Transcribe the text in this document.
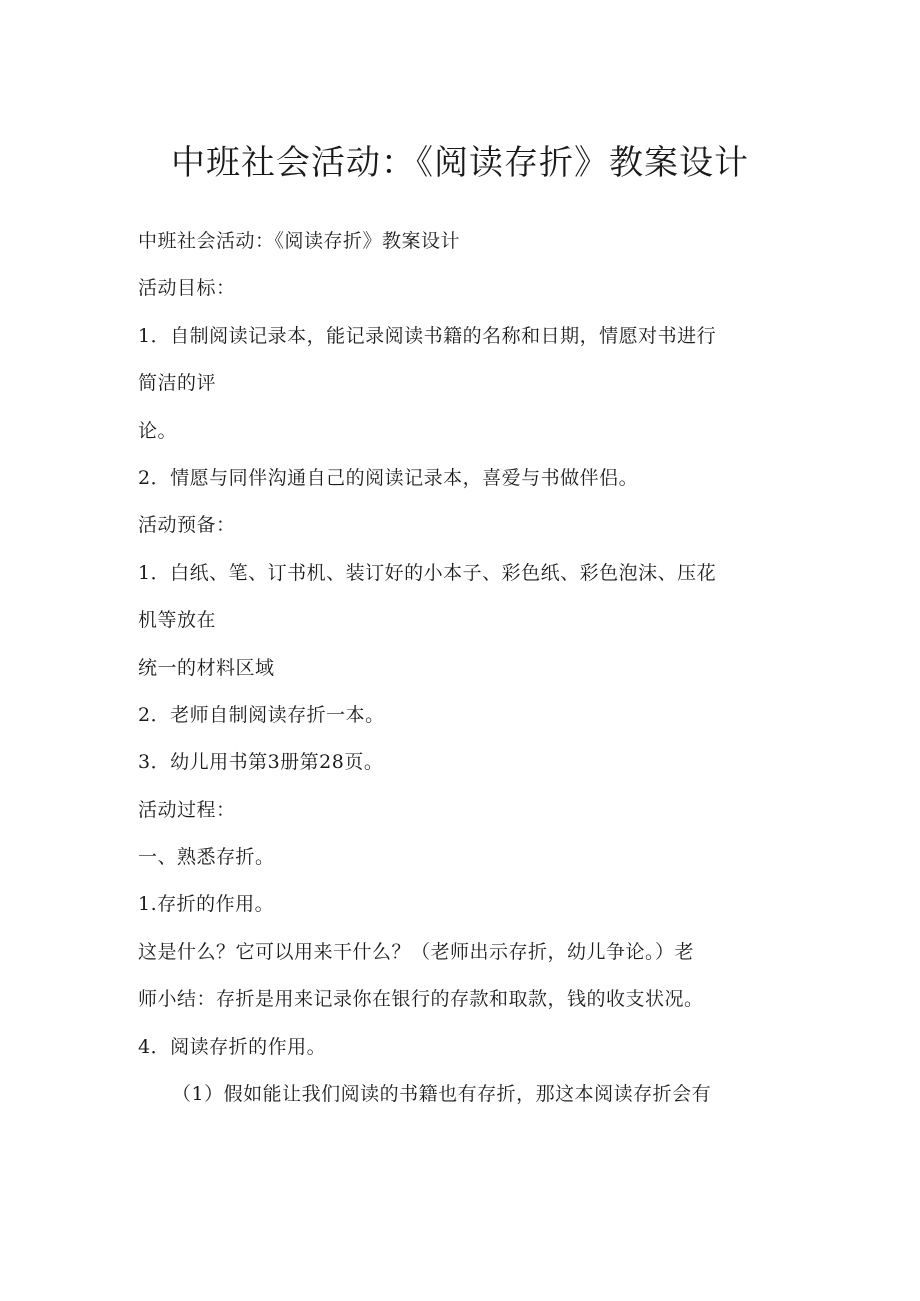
中班社会活动：《阅读存折》教案设计

中班社会活动：《阅读存折》教案设计

活动目标：

1．自制阅读记录本，能记录阅读书籍的名称和日期，情愿对书进行

简洁的评

论。

2．情愿与同伴沟通自己的阅读记录本，喜爱与书做伴侣。

活动预备：

1．白纸、笔、订书机、装订好的小本子、彩色纸、彩色泡沫、压花

机等放在

统一的材料区域

2．老师自制阅读存折一本。

3．幼儿用书第3册第28页。

活动过程：

一、熟悉存折。

1.存折的作用。

这是什么？它可以用来干什么？（老师出示存折，幼儿争论。）老

师小结：存折是用来记录你在银行的存款和取款，钱的收支状况。

4．阅读存折的作用。

（1）假如能让我们阅读的书籍也有存折，那这本阅读存折会有
